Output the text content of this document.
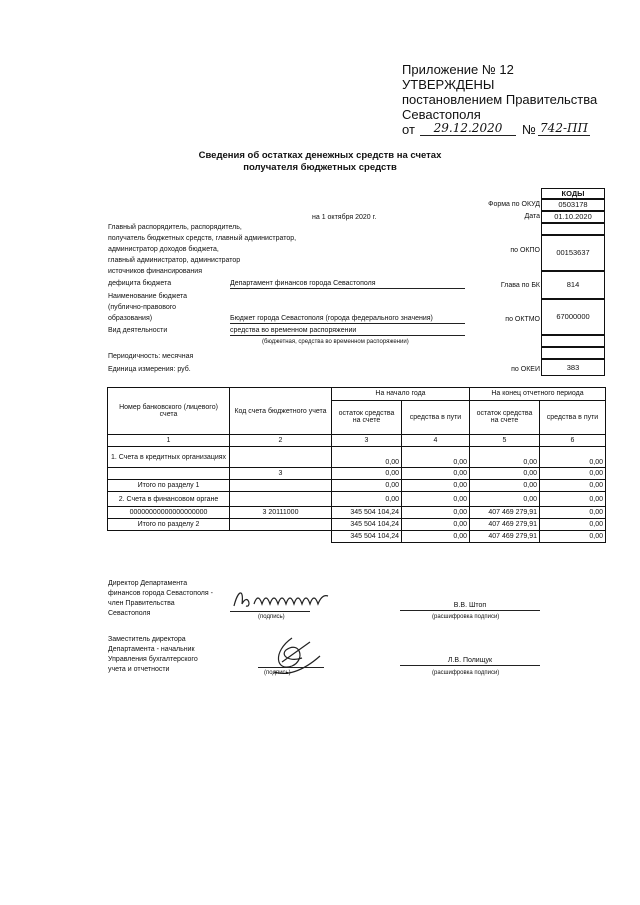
Приложение № 12
УТВЕРЖДЕНЫ
постановлением Правительства
Севастополя
от	29.12.2020	№ 742-ПП
Сведения об остатках денежных средств на счетах
получателя бюджетных средств
КОДЫ
Форма по ОКУД	0503178
Дата	01.10.2020
по ОКПО	00153637
Глава по БК	814
по ОКТМО	67000000
по ОКЕИ	383
на 1 октября 2020 г.
Главный распорядитель, распорядитель,
получатель бюджетных средств, главный администратор,
администратор доходов бюджета,
главный администратор, администратор
источников финансирования
дефицита бюджета	Департамент финансов города Севастополя
Наименование бюджета
(публично-правового
образования)	Бюджет города Севастополя (города федерального значения)
Вид деятельности	средства во временном распоряжении
(бюджетная, средства во временном распоряжении)
Периодичность: месячная
Единица измерения: руб.
Номер банковского (лицевого) счета	Код счета бюджетного учета	На начало года		На конец отчетного периода	
		остаток средства на счете	средства в пути	остаток средства на счете	средства в пути
1	2	3	4	5	6
1. Счета в кредитных организациях		0,00	0,00	0,00	0,00
	3	0,00	0,00	0,00	0,00
Итого по разделу 1		0,00	0,00	0,00	0,00
2. Счета в финансовом органе		0,00	0,00	0,00	0,00
00000000000000000000	3 20111000	345 504 104,24	0,00	407 469 279,91	0,00
Итого по разделу 2		345 504 104,24	0,00	407 469 279,91	0,00
		345 504 104,24	0,00	407 469 279,91	0,00
Директор Департамента
финансов города Севастополя -
член Правительства
Севастополя	(подпись)
В.В. Штоп
(расшифровка подписи)
Заместитель директора
Департамента - начальник
Управления бухгалтерского
учета и отчетности	(подпись)
Л.В. Полищук
(расшифровка подписи)
